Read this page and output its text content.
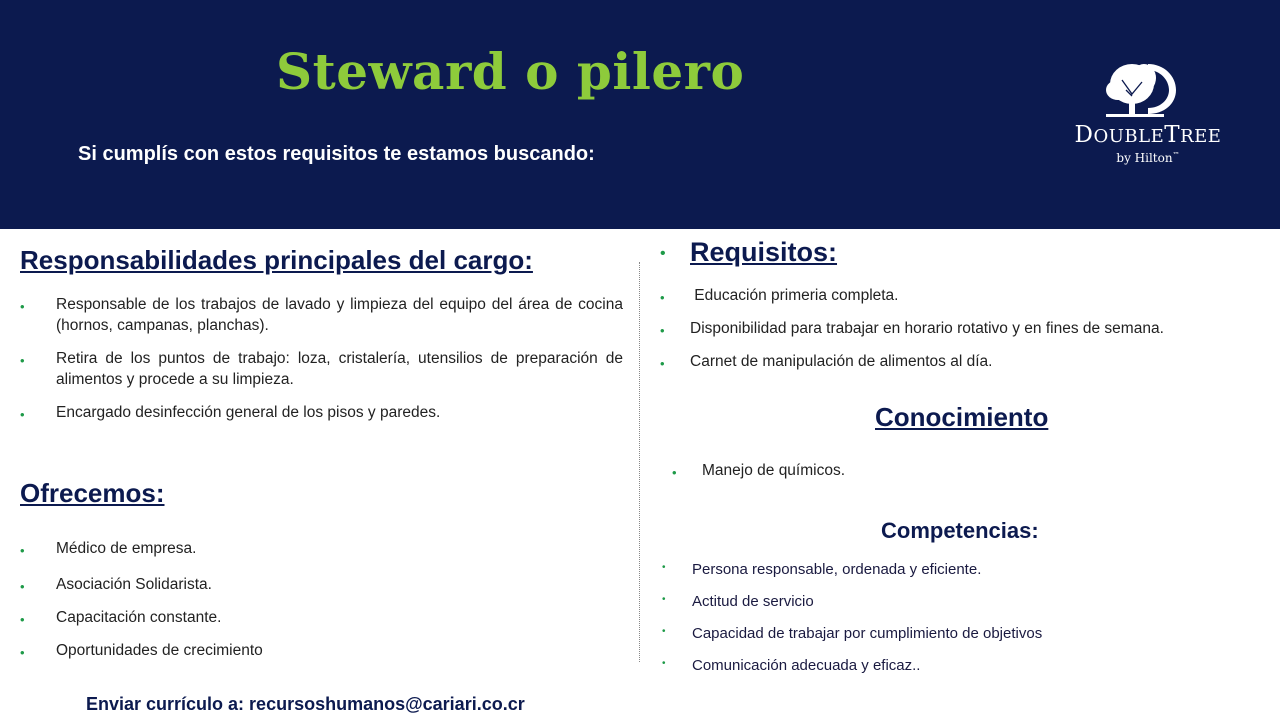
Steward o pilero
Si cumplís con estos requisitos te estamos buscando:
DOUBLETREE
by Hilton™
Responsabilidades principales del cargo:
• Responsable de los trabajos de lavado y limpieza del equipo del área de cocina (hornos, campanas, planchas).
• Retira de los puntos de trabajo: loza, cristalería, utensilios de preparación de alimentos y procede a su limpieza.
• Encargado desinfección general de los pisos y paredes.
Ofrecemos:
• Médico de empresa.
• Asociación Solidarista.
• Capacitación constante.
• Oportunidades de crecimiento
• Requisitos:
• Educación primeria completa.
• Disponibilidad para trabajar en horario rotativo y en fines de semana.
• Carnet de manipulación de alimentos al día.
Conocimiento
• Manejo de químicos.
Competencias:
• Persona responsable, ordenada y eficiente.
• Actitud de servicio
• Capacidad de trabajar por cumplimiento de objetivos
• Comunicación adecuada y eficaz..
Enviar currículo a: recursoshumanos@cariari.co.cr
